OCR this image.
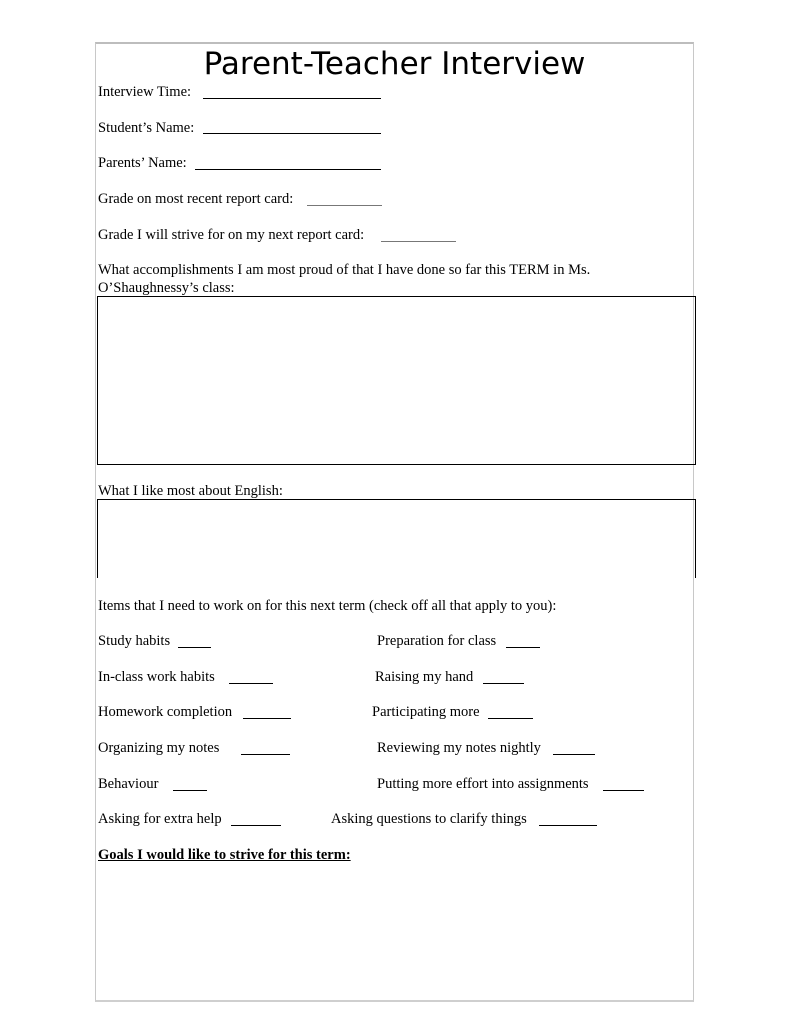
Parent-Teacher Interview
Interview Time:
Student’s Name:
Parents’ Name:
Grade on most recent report card:
Grade I will strive for on my next report card:
What accomplishments I am most proud of that I have done so far this TERM in Ms.
O’Shaughnessy’s class:
What I like most about English:
Items that I need to work on for this next term (check off all that apply to you):
Study habits	Preparation for class
In-class work habits	Raising my hand
Homework completion	Participating more
Organizing my notes	Reviewing my notes nightly
Behaviour	Putting more effort into assignments
Asking for extra help	Asking questions to clarify things
Goals I would like to strive for this term:
